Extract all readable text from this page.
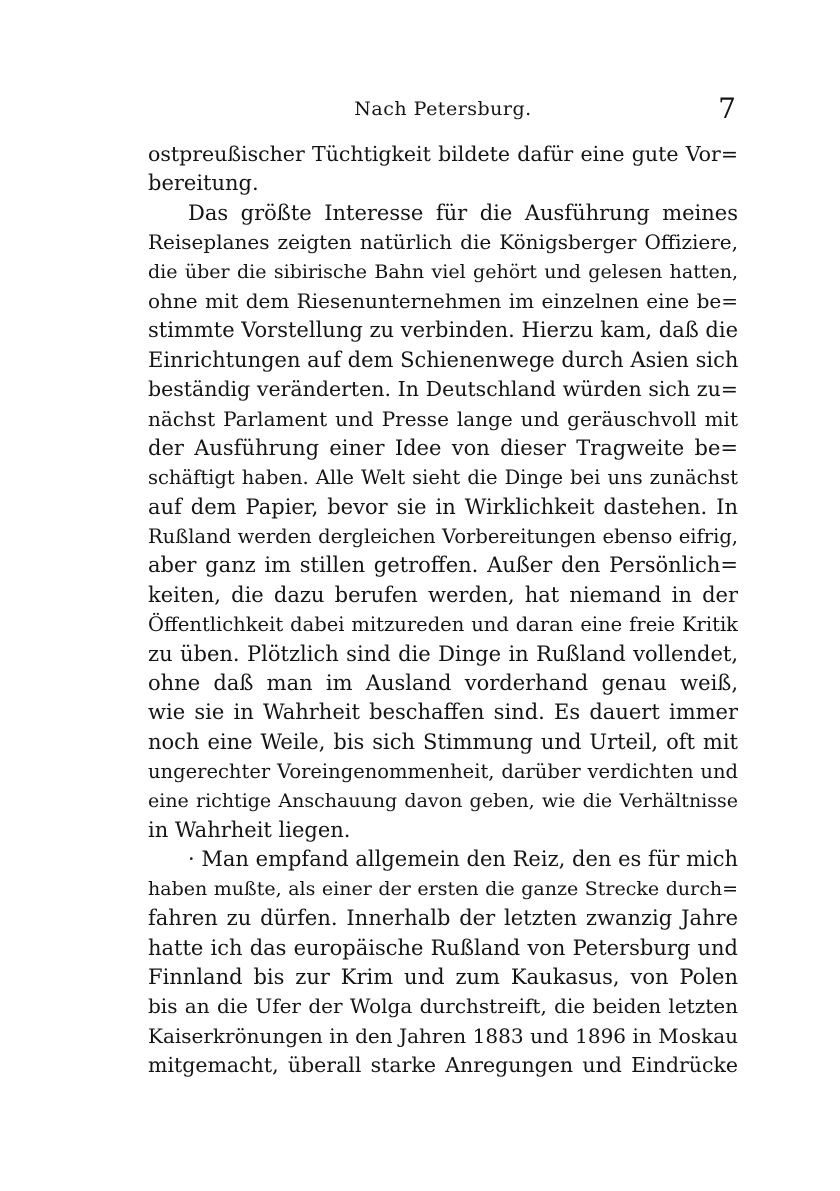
Nach Petersburg.	7
ostpreußischer Tüchtigkeit bildete dafür eine gute Vor=
bereitung.
Das größte Interesse für die Ausführung meines
Reiseplanes zeigten natürlich die Königsberger Offiziere,
die über die sibirische Bahn viel gehört und gelesen hatten,
ohne mit dem Riesenunternehmen im einzelnen eine be=
stimmte Vorstellung zu verbinden. Hierzu kam, daß die
Einrichtungen auf dem Schienenwege durch Asien sich
beständig veränderten. In Deutschland würden sich zu=
nächst Parlament und Presse lange und geräuschvoll mit
der Ausführung einer Idee von dieser Tragweite be=
schäftigt haben. Alle Welt sieht die Dinge bei uns zunächst
auf dem Papier, bevor sie in Wirklichkeit dastehen. In
Rußland werden dergleichen Vorbereitungen ebenso eifrig,
aber ganz im stillen getroffen. Außer den Persönlich=
keiten, die dazu berufen werden, hat niemand in der
Öffentlichkeit dabei mitzureden und daran eine freie Kritik
zu üben. Plötzlich sind die Dinge in Rußland vollendet,
ohne daß man im Ausland vorderhand genau weiß,
wie sie in Wahrheit beschaffen sind. Es dauert immer
noch eine Weile, bis sich Stimmung und Urteil, oft mit
ungerechter Voreingenommenheit, darüber verdichten und
eine richtige Anschauung davon geben, wie die Verhältnisse
in Wahrheit liegen.
· Man empfand allgemein den Reiz, den es für mich
haben mußte, als einer der ersten die ganze Strecke durch=
fahren zu dürfen. Innerhalb der letzten zwanzig Jahre
hatte ich das europäische Rußland von Petersburg und
Finnland bis zur Krim und zum Kaukasus, von Polen
bis an die Ufer der Wolga durchstreift, die beiden letzten
Kaiserkrönungen in den Jahren 1883 und 1896 in Moskau
mitgemacht, überall starke Anregungen und Eindrücke
